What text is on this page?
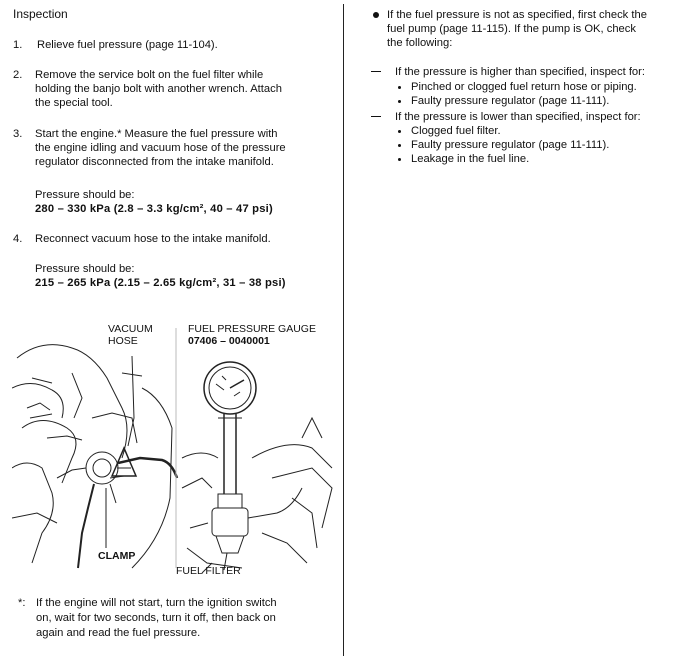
Inspection
1. Relieve fuel pressure (page 11-104).
2. Remove the service bolt on the fuel filter while
holding the banjo bolt with another wrench. Attach
the special tool.
3. Start the engine.* Measure the fuel pressure with
the engine idling and vacuum hose of the pressure
regulator disconnected from the intake manifold.
Pressure should be:
280 – 330 kPa (2.8 – 3.3 kg/cm², 40 – 47 psi)
4. Reconnect vacuum hose to the intake manifold.
Pressure should be:
215 – 265 kPa (2.15 – 2.65 kg/cm², 31 – 38 psi)
VACUUM
HOSE
FUEL PRESSURE GAUGE
07406 – 0040001
CLAMP
FUEL FILTER
*: If the engine will not start, turn the ignition switch
on, wait for two seconds, turn it off, then back on
again and read the fuel pressure.
If the fuel pressure is not as specified, first check the
fuel pump (page 11-115). If the pump is OK, check
the following:
If the pressure is higher than specified, inspect for:
Pinched or clogged fuel return hose or piping.
Faulty pressure regulator (page 11-111).
If the pressure is lower than specified, inspect for:
Clogged fuel filter.
Faulty pressure regulator (page 11-111).
Leakage in the fuel line.
